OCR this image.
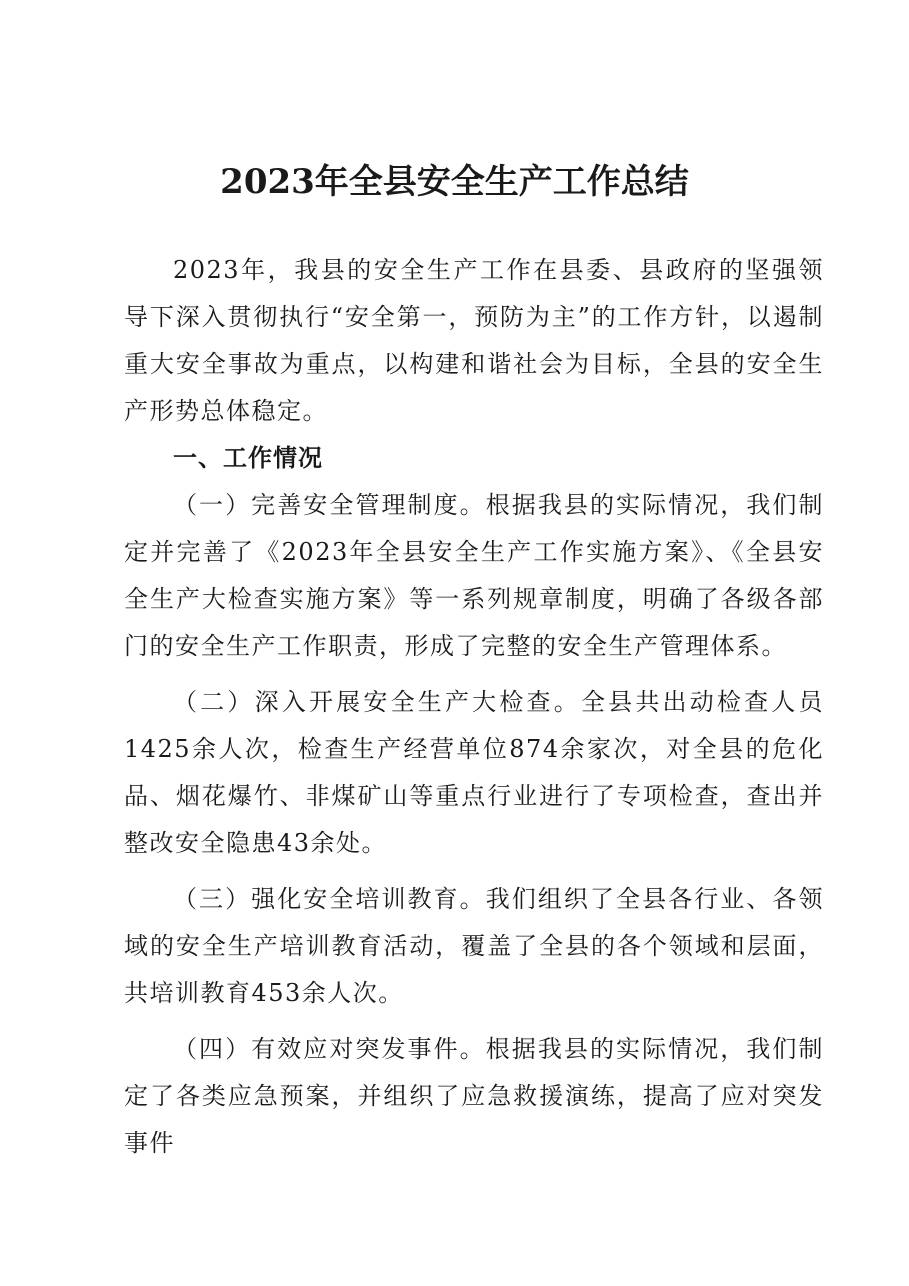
2023年全县安全生产工作总结

2023年，我县的安全生产工作在县委、县政府的坚强领导下深入贯彻执行“安全第一，预防为主”的工作方针，以遏制重大安全事故为重点，以构建和谐社会为目标，全县的安全生产形势总体稳定。

一、工作情况

（一）完善安全管理制度。根据我县的实际情况，我们制定并完善了《2023年全县安全生产工作实施方案》、《全县安全生产大检查实施方案》等一系列规章制度，明确了各级各部门的安全生产工作职责，形成了完整的安全生产管理体系。

（二）深入开展安全生产大检查。全县共出动检查人员1425余人次，检查生产经营单位874余家次，对全县的危化品、烟花爆竹、非煤矿山等重点行业进行了专项检查，查出并整改安全隐患43余处。

（三）强化安全培训教育。我们组织了全县各行业、各领域的安全生产培训教育活动，覆盖了全县的各个领域和层面，共培训教育453余人次。

（四）有效应对突发事件。根据我县的实际情况，我们制定了各类应急预案，并组织了应急救援演练，提高了应对突发事件
